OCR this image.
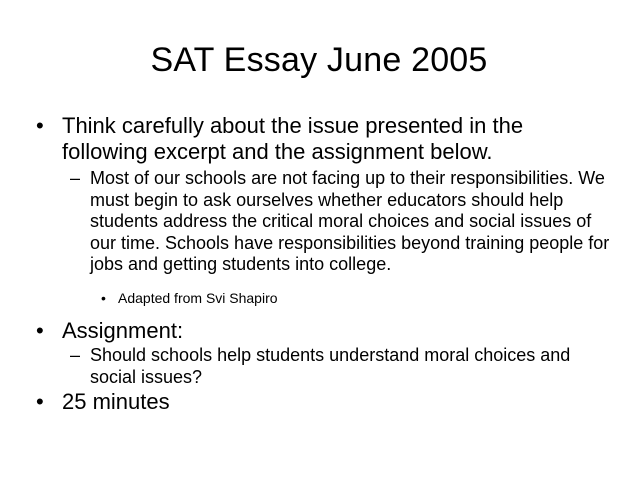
SAT Essay June 2005
• Think carefully about the issue presented in the following excerpt and the assignment below.
– Most of our schools are not facing up to their responsibilities. We must begin to ask ourselves whether educators should help students address the critical moral choices and social issues of our time. Schools have responsibilities beyond training people for jobs and getting students into college.
• Adapted from Svi Shapiro
• Assignment:
– Should schools help students understand moral choices and social issues?
• 25 minutes
